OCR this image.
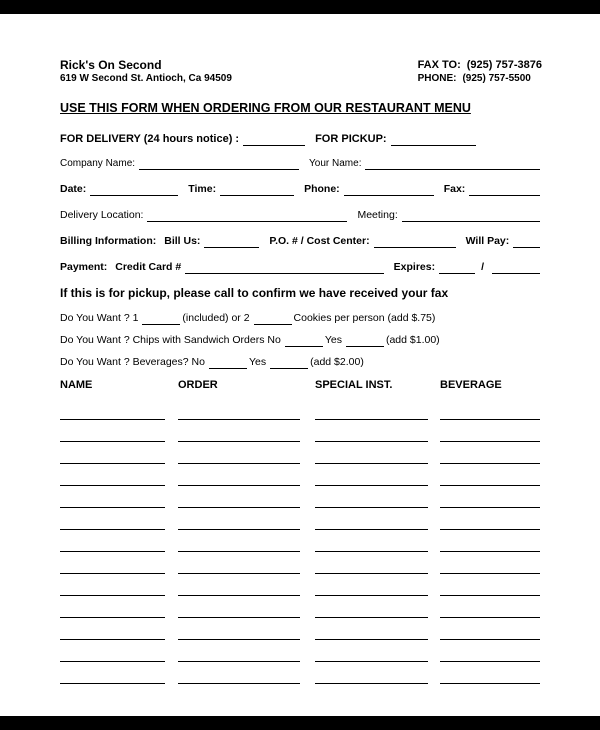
Rick's On Second
619 W Second St. Antioch, Ca 94509
FAX TO: (925) 757-3876
PHONE: (925) 757-5500
USE THIS FORM WHEN ORDERING FROM OUR RESTAURANT MENU
FOR DELIVERY (24 hours notice) :	FOR PICKUP:
Company Name:	Your Name:
Date:	Time:	Phone:	Fax:
Delivery Location:	Meeting:
Billing Information: Bill Us:	P.O. # / Cost Center:	Will Pay:
Payment: Credit Card #	Expires:	/
If this is for pickup, please call to confirm we have received your fax
Do You Want ? 1	(included) or 2	Cookies per person (add $.75)
Do You Want ? Chips with Sandwich Orders No	Yes	(add $1.00)
Do You Want ? Beverages? No	Yes	(add $2.00)
NAME	ORDER	SPECIAL INST.	BEVERAGE
